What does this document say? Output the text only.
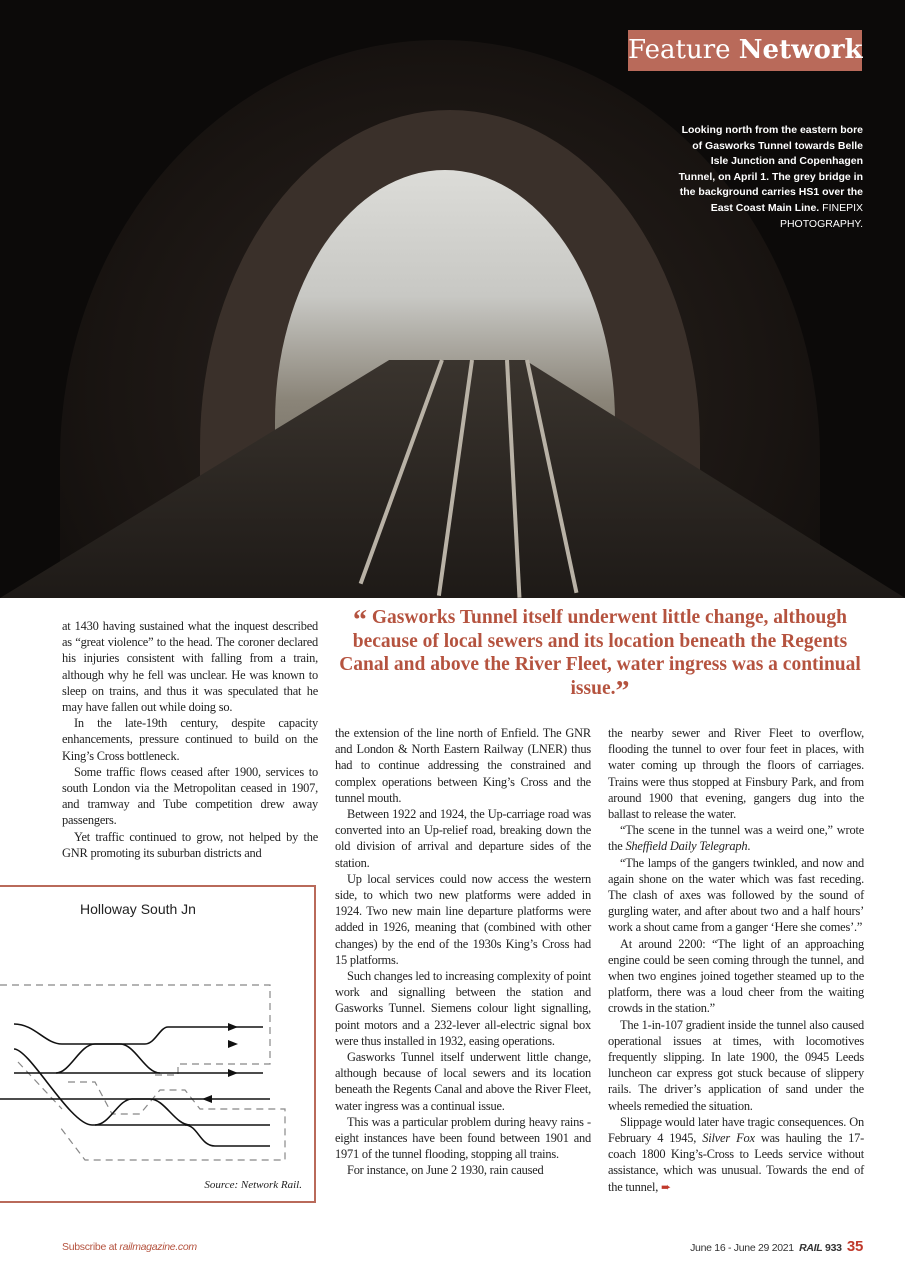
Feature Network
Looking north from the eastern bore of Gasworks Tunnel towards Belle Isle Junction and Copenhagen Tunnel, on April 1. The grey bridge in the background carries HS1 over the East Coast Main Line. FINEPIX PHOTOGRAPHY.
“ Gasworks Tunnel itself underwent little change, although because of local sewers and its location beneath the Regents Canal and above the River Fleet, water ingress was a continual issue.”

at 1430 having sustained what the inquest described as “great violence” to the head. The coroner declared his injuries consistent with falling from a train, although why he fell was unclear. He was known to sleep on trains, and thus it was speculated that he may have fallen out while doing so.

In the late-19th century, despite capacity enhancements, pressure continued to build on the King’s Cross bottleneck.

Some traffic flows ceased after 1900, services to south London via the Metropolitan ceased in 1907, and tramway and Tube competition drew away passengers.

Yet traffic continued to grow, not helped by the GNR promoting its suburban districts and

the extension of the line north of Enfield. The GNR and London & North Eastern Railway (LNER) thus had to continue addressing the constrained and complex operations between King’s Cross and the tunnel mouth.

Between 1922 and 1924, the Up-carriage road was converted into an Up-relief road, breaking down the old division of arrival and departure sides of the station.

Up local services could now access the western side, to which two new platforms were added in 1924. Two new main line departure platforms were added in 1926, meaning that (combined with other changes) by the end of the 1930s King’s Cross had 15 platforms.

Such changes led to increasing complexity of point work and signalling between the station and Gasworks Tunnel. Siemens colour light signalling, point motors and a 232-lever all-electric signal box were thus installed in 1932, easing operations.

Gasworks Tunnel itself underwent little change, although because of local sewers and its location beneath the Regents Canal and above the River Fleet, water ingress was a continual issue.

This was a particular problem during heavy rains - eight instances have been found between 1901 and 1971 of the tunnel flooding, stopping all trains.

For instance, on June 2 1930, rain caused

the nearby sewer and River Fleet to overflow, flooding the tunnel to over four feet in places, with water coming up through the floors of carriages. Trains were thus stopped at Finsbury Park, and from around 1900 that evening, gangers dug into the ballast to release the water.

“The scene in the tunnel was a weird one,” wrote the Sheffield Daily Telegraph.

“The lamps of the gangers twinkled, and now and again shone on the water which was fast receding. The clash of axes was followed by the sound of gurgling water, and after about two and a half hours’ work a shout came from a ganger ‘Here she comes’.”

At around 2200: “The light of an approaching engine could be seen coming through the tunnel, and when two engines joined together steamed up to the platform, there was a loud cheer from the waiting crowds in the station.”

The 1-in-107 gradient inside the tunnel also caused operational issues at times, with locomotives frequently slipping. In late 1900, the 0945 Leeds luncheon car express got stuck because of slippery rails. The driver’s application of sand under the wheels remedied the situation.

Slippage would later have tragic consequences. On February 4 1945, Silver Fox was hauling the 17-coach 1800 King’s-Cross to Leeds service without assistance, which was unusual. Towards the end of the tunnel, ➨

Holloway South Jn
Source: Network Rail.
Subscribe at railmagazine.com	June 16 - June 29 2021 RAIL 933 35
